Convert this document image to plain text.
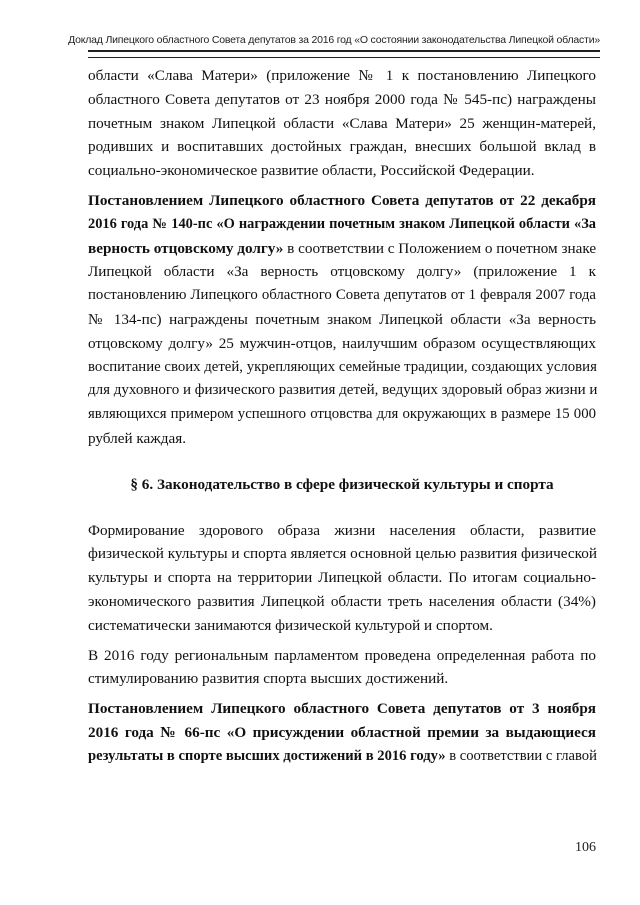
Доклад Липецкого областного Совета депутатов за 2016 год «О состоянии законодательства Липецкой области»
области «Слава Матери» (приложение № 1 к постановлению Липецкого
областного Совета депутатов от 23 ноября 2000 года № 545-пс) награждены
почетным знаком Липецкой области «Слава Матери» 25 женщин-матерей,
родивших и воспитавших достойных граждан, внесших большой вклад в
социально-экономическое развитие области, Российской Федерации.
Постановлением Липецкого областного Совета депутатов от 22 декабря
2016 года № 140-пс «О награждении почетным знаком Липецкой области «За
верность отцовскому долгу» в соответствии с Положением о почетном знаке
Липецкой области «За верность отцовскому долгу» (приложение 1 к
постановлению Липецкого областного Совета депутатов от 1 февраля 2007 года
№ 134-пс) награждены почетным знаком Липецкой области «За верность
отцовскому долгу» 25 мужчин-отцов, наилучшим образом осуществляющих
воспитание своих детей, укрепляющих семейные традиции, создающих условия
для духовного и физического развития детей, ведущих здоровый образ жизни и
являющихся примером успешного отцовства для окружающих в размере 15 000
рублей каждая.
§ 6. Законодательство в сфере физической культуры и спорта
Формирование здорового образа жизни населения области, развитие
физической культуры и спорта является основной целью развития физической
культуры и спорта на территории Липецкой области. По итогам социально-
экономического развития Липецкой области треть населения области (34%)
систематически занимаются физической культурой и спортом.
В 2016 году региональным парламентом проведена определенная работа по
стимулированию развития спорта высших достижений.
Постановлением Липецкого областного Совета депутатов от 3 ноября
2016 года № 66-пс «О присуждении областной премии за выдающиеся
результаты в спорте высших достижений в 2016 году» в соответствии с главой
106
